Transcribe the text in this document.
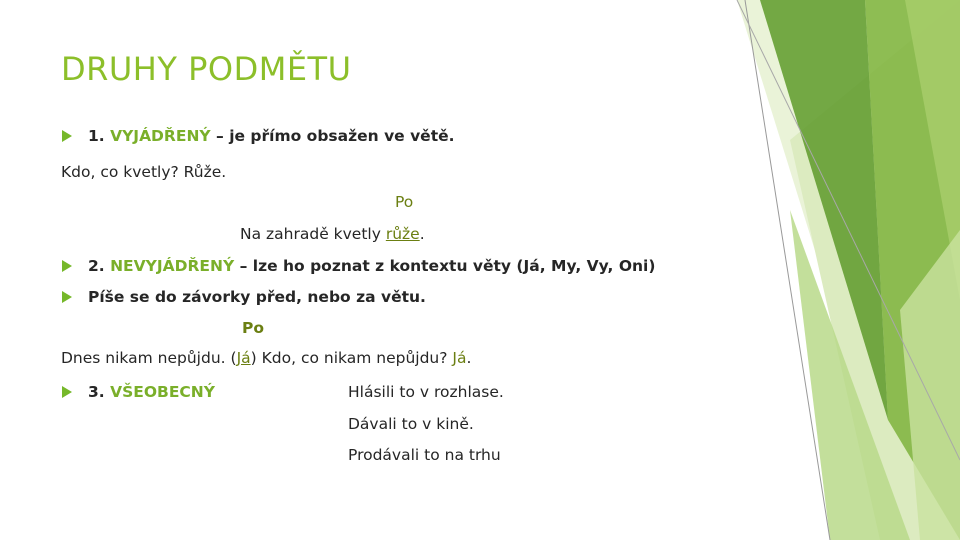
DRUHY PODMĚTU
1. VYJÁDŘENÝ – je přímo obsažen ve větě.
Kdo, co kvetly? Růže.
Po
Na zahradě kvetly růže.
2. NEVYJÁDŘENÝ – lze ho poznat z kontextu věty (Já, My, Vy, Oni)
Píše se do závorky před, nebo za větu.
Po
Dnes nikam nepůjdu. (Já) Kdo, co nikam nepůjdu? Já.
3. VŠEOBECNÝ	Hlásili to v rozhlase.
Dávali to v kině.
Prodávali to na trhu
